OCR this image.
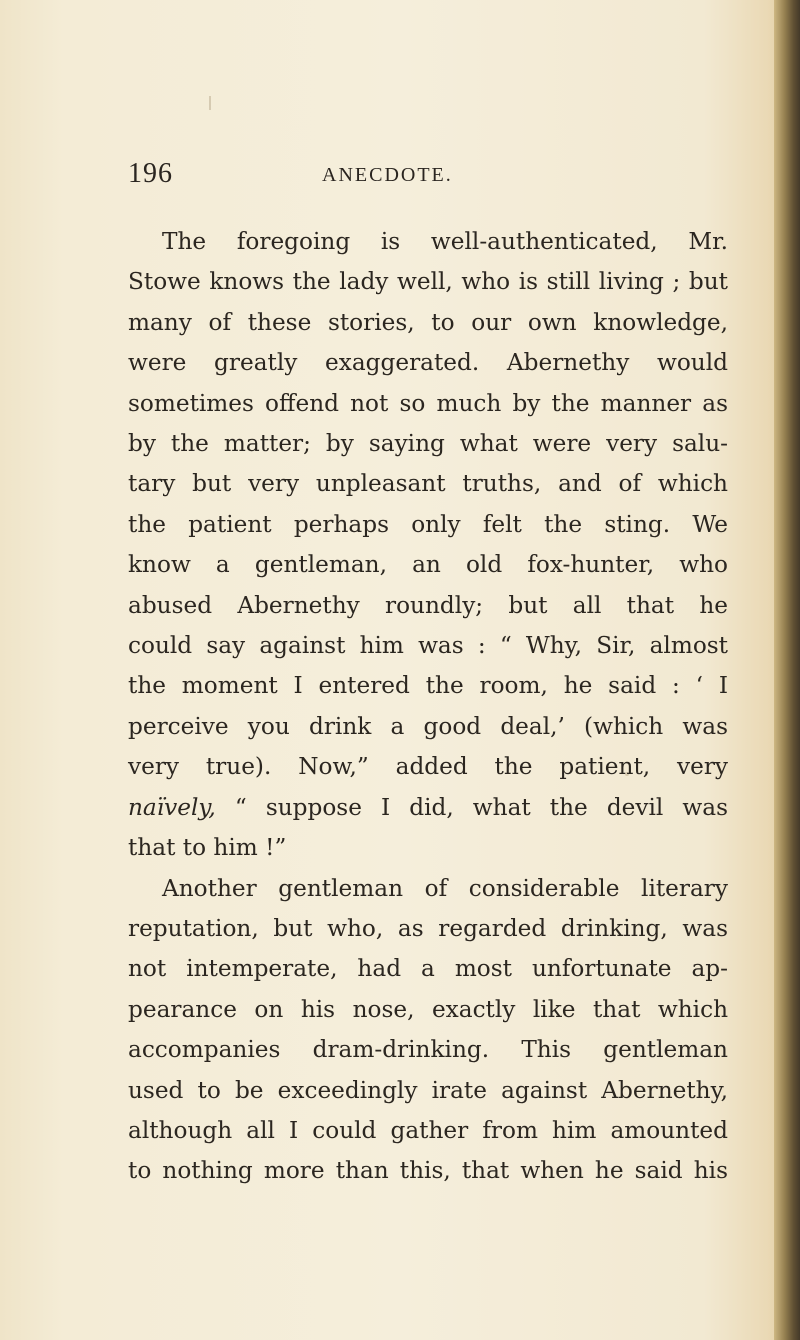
196	ANECDOTE.
The foregoing is well-authenticated, Mr.
Stowe knows the lady well, who is still living ; but
many of these stories, to our own knowledge,
were greatly exaggerated. Abernethy would
sometimes offend not so much by the manner as
by the matter; by saying what were very salu-
tary but very unpleasant truths, and of which
the patient perhaps only felt the sting. We
know a gentleman, an old fox-hunter, who
abused Abernethy roundly; but all that he
could say against him was : “ Why, Sir, almost
the moment I entered the room, he said : ‘ I
perceive you drink a good deal,’ (which was
very true). Now,” added the patient, very
naïvely, “ suppose I did, what the devil was
that to him !”
Another gentleman of considerable literary
reputation, but who, as regarded drinking, was
not intemperate, had a most unfortunate ap-
pearance on his nose, exactly like that which
accompanies dram-drinking. This gentleman
used to be exceedingly irate against Abernethy,
although all I could gather from him amounted
to nothing more than this, that when he said his
